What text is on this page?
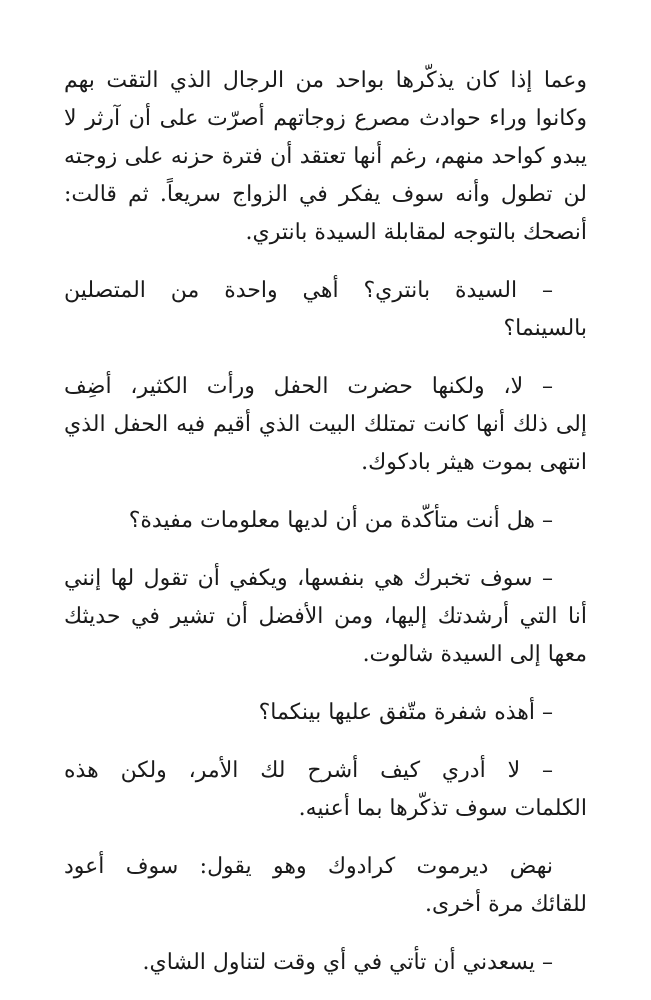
وعما إذا كان يذكّرها بواحد من الرجال الذي التقت بهم
وكانوا وراء حوادث مصرع زوجاتهم أصرّت على أن آرثر لا
يبدو كواحد منهم، رغم أنها تعتقد أن فترة حزنه على زوجته
لن تطول وأنه سوف يفكر في الزواج سريعاً. ثم قالت:
أنصحك بالتوجه لمقابلة السيدة بانتري.

– السيدة بانتري؟ أهي واحدة من المتصلين
بالسينما؟

– لا، ولكنها حضرت الحفل ورأت الكثير، أضِف
إلى ذلك أنها كانت تمتلك البيت الذي أقيم فيه الحفل الذي
انتهى بموت هيثر بادكوك.

– هل أنت متأكّدة من أن لديها معلومات مفيدة؟

– سوف تخبرك هي بنفسها، ويكفي أن تقول لها إنني
أنا التي أرشدتك إليها، ومن الأفضل أن تشير في حديثك
معها إلى السيدة شالوت.

– أهذه شفرة متّفق عليها بينكما؟

– لا أدري كيف أشرح لك الأمر، ولكن هذه
الكلمات سوف تذكّرها بما أعنيه.

نهض ديرموت كرادوك وهو يقول: سوف أعود
للقائك مرة أخرى.

– يسعدني أن تأتي في أي وقت لتناول الشاي.
